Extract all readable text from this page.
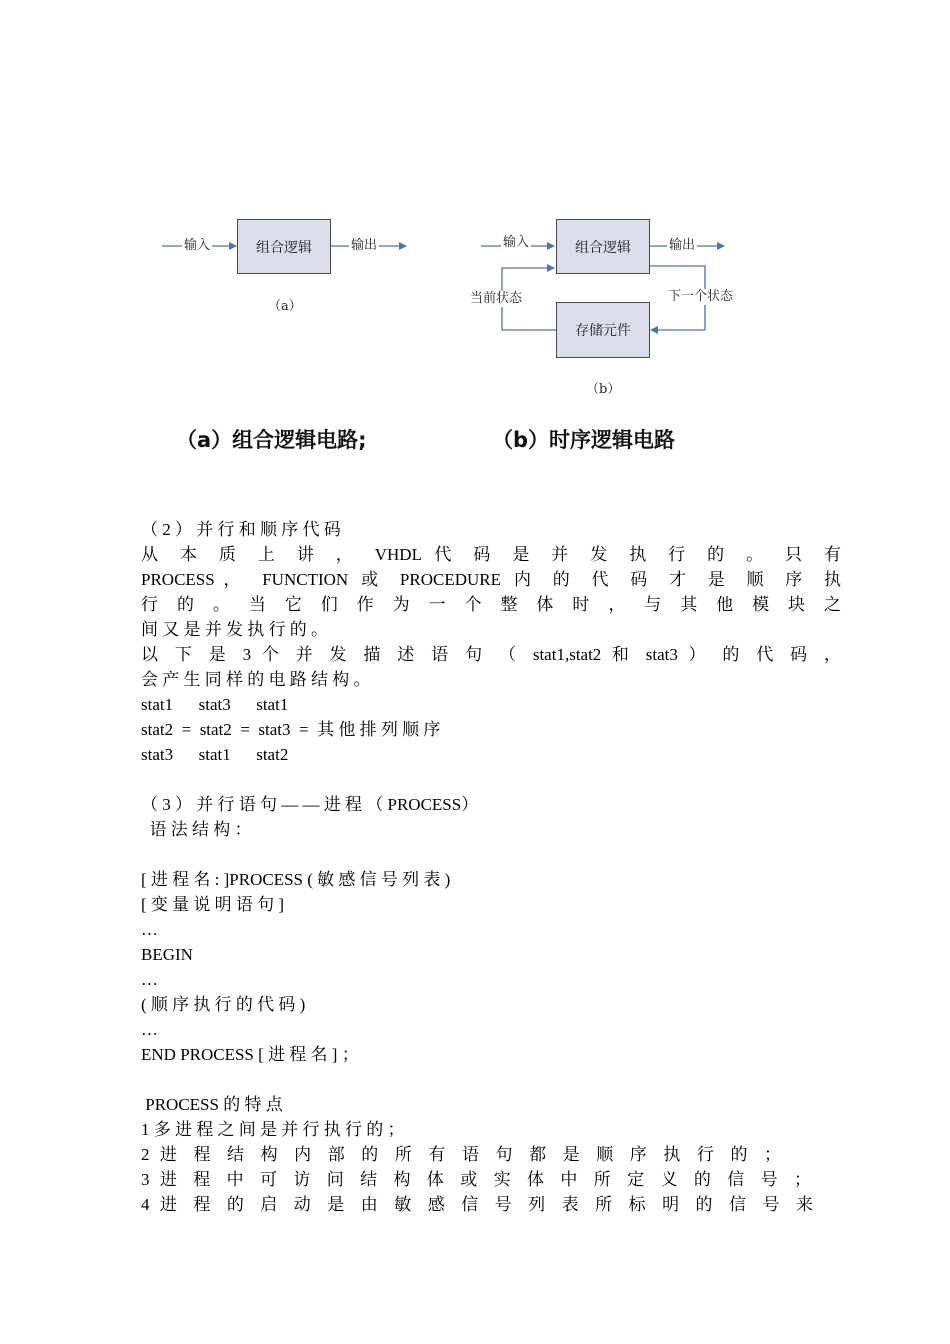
组合逻辑
输入	输出
（a）
组合逻辑
存储元件
输入	输出
当前状态	下一个状态
（b）
（a）组合逻辑电路;	（b）时序逻辑电路
（ 2 ） 并 行 和 顺 序 代 码
从 本 质 上 讲 ， VHDL 代 码 是 并 发 执 行 的 。 只 有
PROCESS， FUNCTION 或 PROCEDURE 内 的 代 码 才 是 顺 序 执
行 的 。 当 它 们 作 为 一 个 整 体 时 ， 与 其 他 模 块 之
间 又 是 并 发 执 行 的 。
以 下 是 3 个 并 发 描 述 语 句 （ stat1,stat2 和 stat3 ） 的 代 码 ，
会 产 生 同 样 的 电 路 结 构 。
stat1      stat3      stat1
stat2  =  stat2  =  stat3  =  其 他 排 列 顺 序
stat3      stat1      stat2
（ 3 ） 并 行 语 句 — — 进 程 （ PROCESS）
语 法 结 构 ：
[ 进 程 名 : ]PROCESS ( 敏 感 信 号 列 表 )
[ 变 量 说 明 语 句 ]
…
BEGIN
…
( 顺 序 执 行 的 代 码 )
…
END PROCESS [ 进 程 名 ] ；
PROCESS 的 特 点
1 多 进 程 之 间 是 并 行 执 行 的 ；
2 进 程 结 构 内 部 的 所 有 语 句 都 是 顺 序 执 行 的 ；
3 进 程 中 可 访 问 结 构 体 或 实 体 中 所 定 义 的 信 号 ；
4 进 程 的 启 动 是 由 敏 感 信 号 列 表 所 标 明 的 信 号 来
